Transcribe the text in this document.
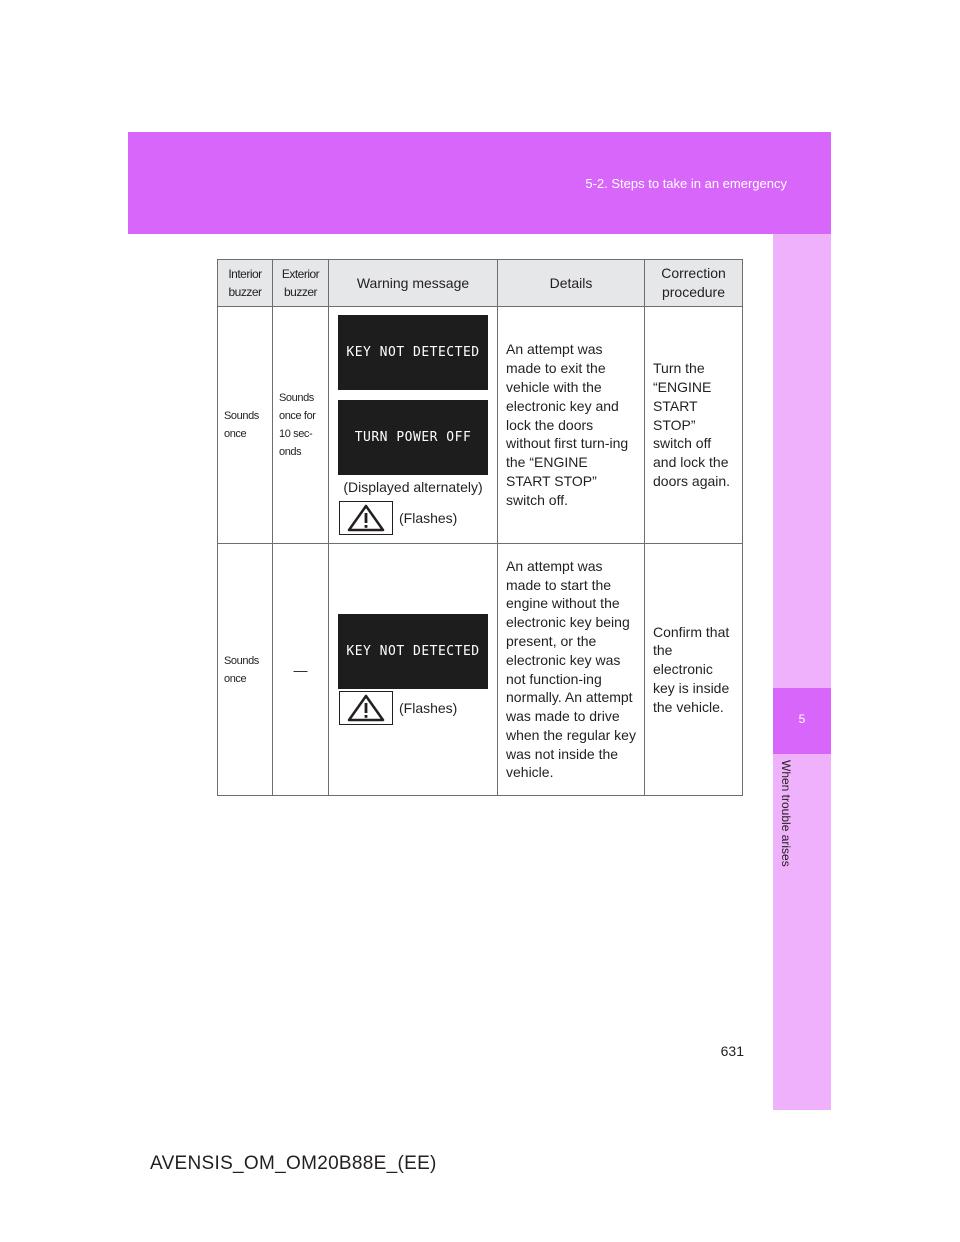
5-2. Steps to take in an emergency
5
When trouble arises
Interior buzzer	Exterior buzzer	Warning message	Details	Correction procedure
Sounds once	Sounds once for 10 sec-onds	KEY NOT DETECTED
TURN POWER OFF
(Displayed alternately)
(Flashes)	An attempt was made to exit the vehicle with the electronic key and lock the doors without first turn-ing the “ENGINE START STOP” switch off.	Turn the “ENGINE START STOP” switch off and lock the doors again.
Sounds once	—	KEY NOT DETECTED
(Flashes)	An attempt was made to start the engine without the electronic key being present, or the electronic key was not function-ing normally. An attempt was made to drive when the regular key was not inside the vehicle.	Confirm that the electronic key is inside the vehicle.
631
AVENSIS_OM_OM20B88E_(EE)
